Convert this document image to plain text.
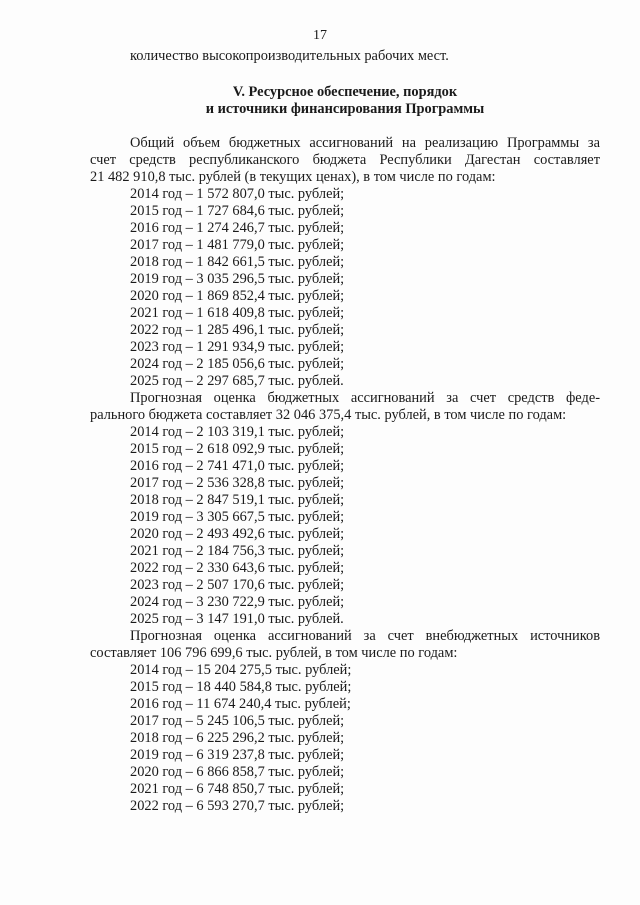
17
количество высокопроизводительных рабочих мест.
V. Ресурсное обеспечение, порядок
и источники финансирования Программы
Общий объем бюджетных ассигнований на реализацию Программы за
счет средств республиканского бюджета Республики Дагестан составляет
21 482 910,8 тыс. рублей (в текущих ценах), в том числе по годам:
2014 год – 1 572 807,0 тыс. рублей;
2015 год – 1 727 684,6 тыс. рублей;
2016 год – 1 274 246,7 тыс. рублей;
2017 год – 1 481 779,0 тыс. рублей;
2018 год – 1 842 661,5 тыс. рублей;
2019 год – 3 035 296,5 тыс. рублей;
2020 год – 1 869 852,4 тыс. рублей;
2021 год – 1 618 409,8 тыс. рублей;
2022 год – 1 285 496,1 тыс. рублей;
2023 год – 1 291 934,9 тыс. рублей;
2024 год – 2 185 056,6 тыс. рублей;
2025 год – 2 297 685,7 тыс. рублей.
Прогнозная оценка бюджетных ассигнований за счет средств феде-
рального бюджета составляет 32 046 375,4 тыс. рублей, в том числе по годам:
2014 год – 2 103 319,1 тыс. рублей;
2015 год – 2 618 092,9 тыс. рублей;
2016 год – 2 741 471,0 тыс. рублей;
2017 год – 2 536 328,8 тыс. рублей;
2018 год – 2 847 519,1 тыс. рублей;
2019 год – 3 305 667,5 тыс. рублей;
2020 год – 2 493 492,6 тыс. рублей;
2021 год – 2 184 756,3 тыс. рублей;
2022 год – 2 330 643,6 тыс. рублей;
2023 год – 2 507 170,6 тыс. рублей;
2024 год – 3 230 722,9 тыс. рублей;
2025 год – 3 147 191,0 тыс. рублей.
Прогнозная оценка ассигнований за счет внебюджетных источников
составляет 106 796 699,6 тыс. рублей, в том числе по годам:
2014 год – 15 204 275,5 тыс. рублей;
2015 год – 18 440 584,8 тыс. рублей;
2016 год – 11 674 240,4 тыс. рублей;
2017 год – 5 245 106,5 тыс. рублей;
2018 год – 6 225 296,2 тыс. рублей;
2019 год – 6 319 237,8 тыс. рублей;
2020 год – 6 866 858,7 тыс. рублей;
2021 год – 6 748 850,7 тыс. рублей;
2022 год – 6 593 270,7 тыс. рублей;
